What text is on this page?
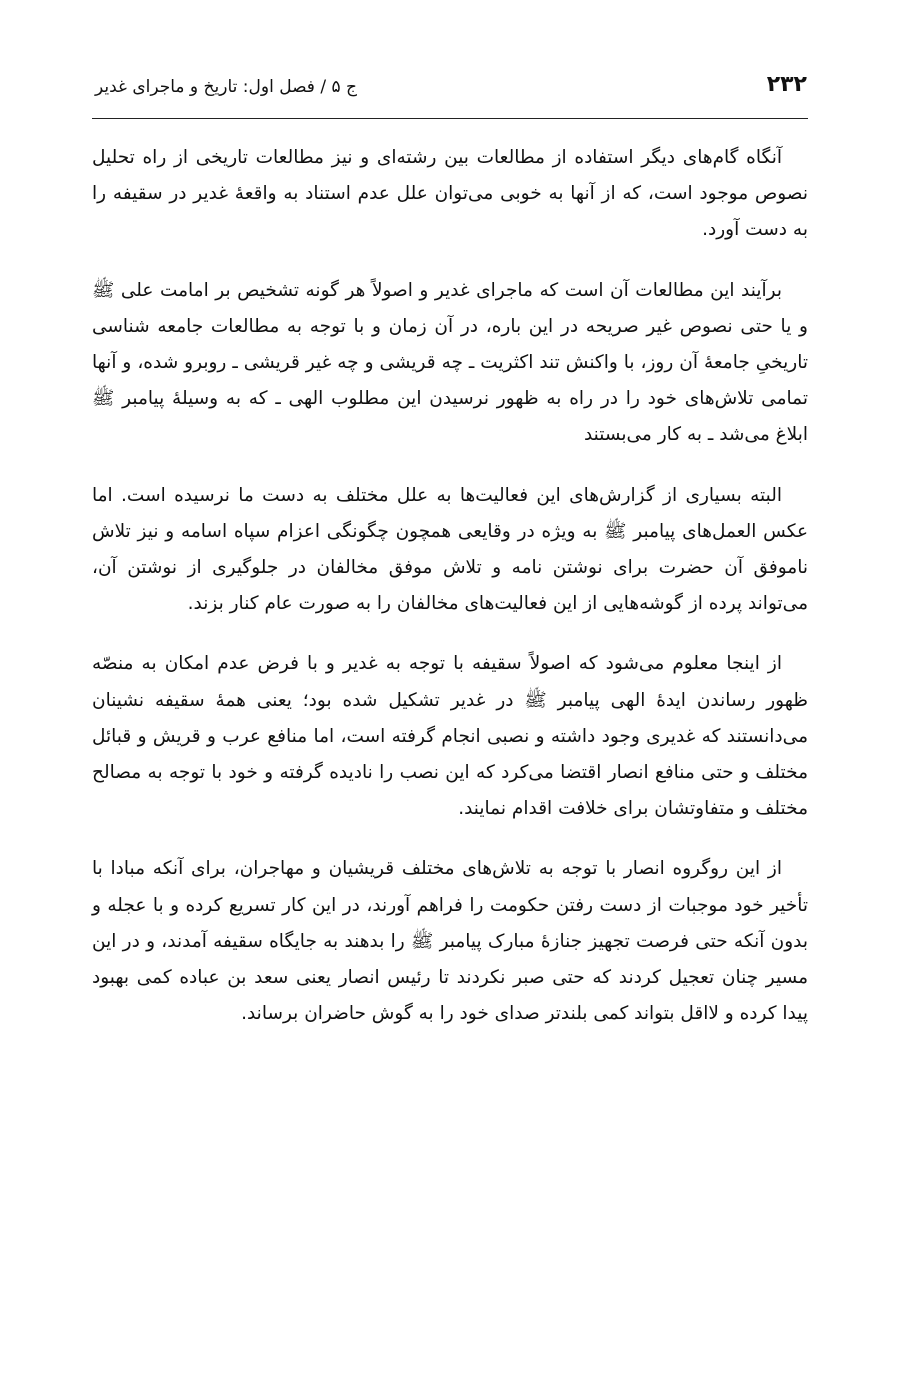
۲۳۲
ج ۵ / فصل اول: تاریخ و ماجرای غدیر

آنگاه گام‌های دیگر استفاده از مطالعات بین رشته‌ای و نیز مطالعات تاریخی از راه تحلیل نصوص موجود است، که از آنها به خوبی می‌توان علل عدم استناد به واقعهٔ غدیر در سقیفه را به دست آورد.

برآیند این مطالعات آن است که ماجرای غدیر و اصولاً هر گونه تشخیص بر امامت علی ﷺ و یا حتی نصوص غیر صریحه در این باره، در آن زمان و با توجه به مطالعات جامعه شناسی تاریخیِ جامعهٔ آن روز، با واکنش تند اکثریت ـ چه قریشی و چه غیر قریشی ـ روبرو شده، و آنها تمامی تلاش‌های خود را در راه به ظهور نرسیدن این مطلوب الهی ـ که به وسیلهٔ پیامبر ﷺ ابلاغ می‌شد ـ به کار می‌بستند

البته بسیاری از گزارش‌های این فعالیت‌ها به علل مختلف به دست ما نرسیده است. اما عکس العمل‌های پیامبر ﷺ به ویژه در وقایعی همچون چگونگی اعزام سپاه اسامه و نیز تلاش ناموفق آن حضرت برای نوشتن نامه و تلاش موفق مخالفان در جلوگیری از نوشتن آن، می‌تواند پرده از گوشه‌هایی از این فعالیت‌های مخالفان را به صورت عام کنار بزند.

از اینجا معلوم می‌شود که اصولاً سقیفه با توجه به غدیر و با فرض عدم امکان به منصّه ظهور رساندن ایدهٔ الهی پیامبر ﷺ در غدیر تشکیل شده بود؛ یعنی همهٔ سقیفه نشینان می‌دانستند که غدیری وجود داشته و نصبی انجام گرفته است، اما منافع عرب و قریش و قبائل مختلف و حتی منافع انصار اقتضا می‌کرد که این نصب را نادیده گرفته و خود با توجه به مصالح مختلف و متفاوتشان برای خلافت اقدام نمایند.

از این روگروه انصار با توجه به تلاش‌های مختلف قریشیان و مهاجران، برای آنکه مبادا با تأخیر خود موجبات از دست رفتن حکومت را فراهم آورند، در این کار تسریع کرده و با عجله و بدون آنکه حتی فرصت تجهیز جنازهٔ مبارک پیامبر ﷺ را بدهند به جایگاه سقیفه آمدند، و در این مسیر چنان تعجیل کردند که حتی صبر نکردند تا رئیس انصار یعنی سعد بن عباده کمی بهبود پیدا کرده و لااقل بتواند کمی بلندتر صدای خود را به گوش حاضران برساند.
